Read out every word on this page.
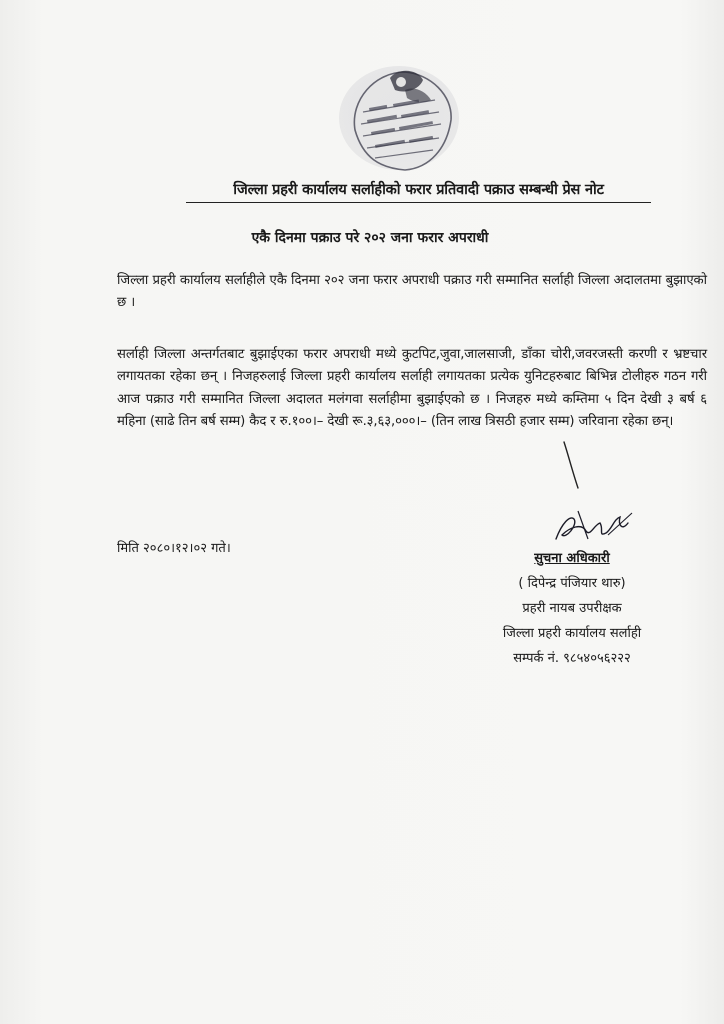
जिल्ला प्रहरी कार्यालय सर्लाहीको फरार प्रतिवादी पक्राउ सम्बन्धी प्रेस नोट
एकै दिनमा पक्राउ परे २०२ जना फरार अपराधी
जिल्ला प्रहरी कार्यालय सर्लाहीले एकै दिनमा २०२ जना फरार अपराधी पक्राउ गरी सम्मानित सर्लाही जिल्ला अदालतमा बुझाएको छ ।
सर्लाही जिल्ला अन्तर्गतबाट बुझाईएका फरार अपराधी मध्ये कुटपिट,जुवा,जालसाजी, डाँका चोरी,जवरजस्ती करणी र भ्रष्टचार लगायतका रहेका छन् । निजहरुलाई जिल्ला प्रहरी कार्यालय सर्लाही लगायतका प्रत्येक युनिटहरुबाट बिभिन्न टोलीहरु गठन गरी आज पक्राउ गरी सम्मानित जिल्ला अदालत मलंगवा सर्लाहीमा बुझाईएको छ । निजहरु मध्ये कम्तिमा ५ दिन देखी ३ बर्ष ६ महिना (साढे तिन बर्ष सम्म) कैद र रु.१००।– देखी रू.३,६३,०००।– (तिन लाख त्रिसठी हजार सम्म) जरिवाना रहेका छन्।
मिति २०८०।१२।०२ गते।
सुचना अधिकारी
( दिपेन्द्र पंजियार थारु)
प्रहरी नायब उपरीक्षक
जिल्ला प्रहरी कार्यालय सर्लाही
सम्पर्क नं. ९८५४०५६२२२
